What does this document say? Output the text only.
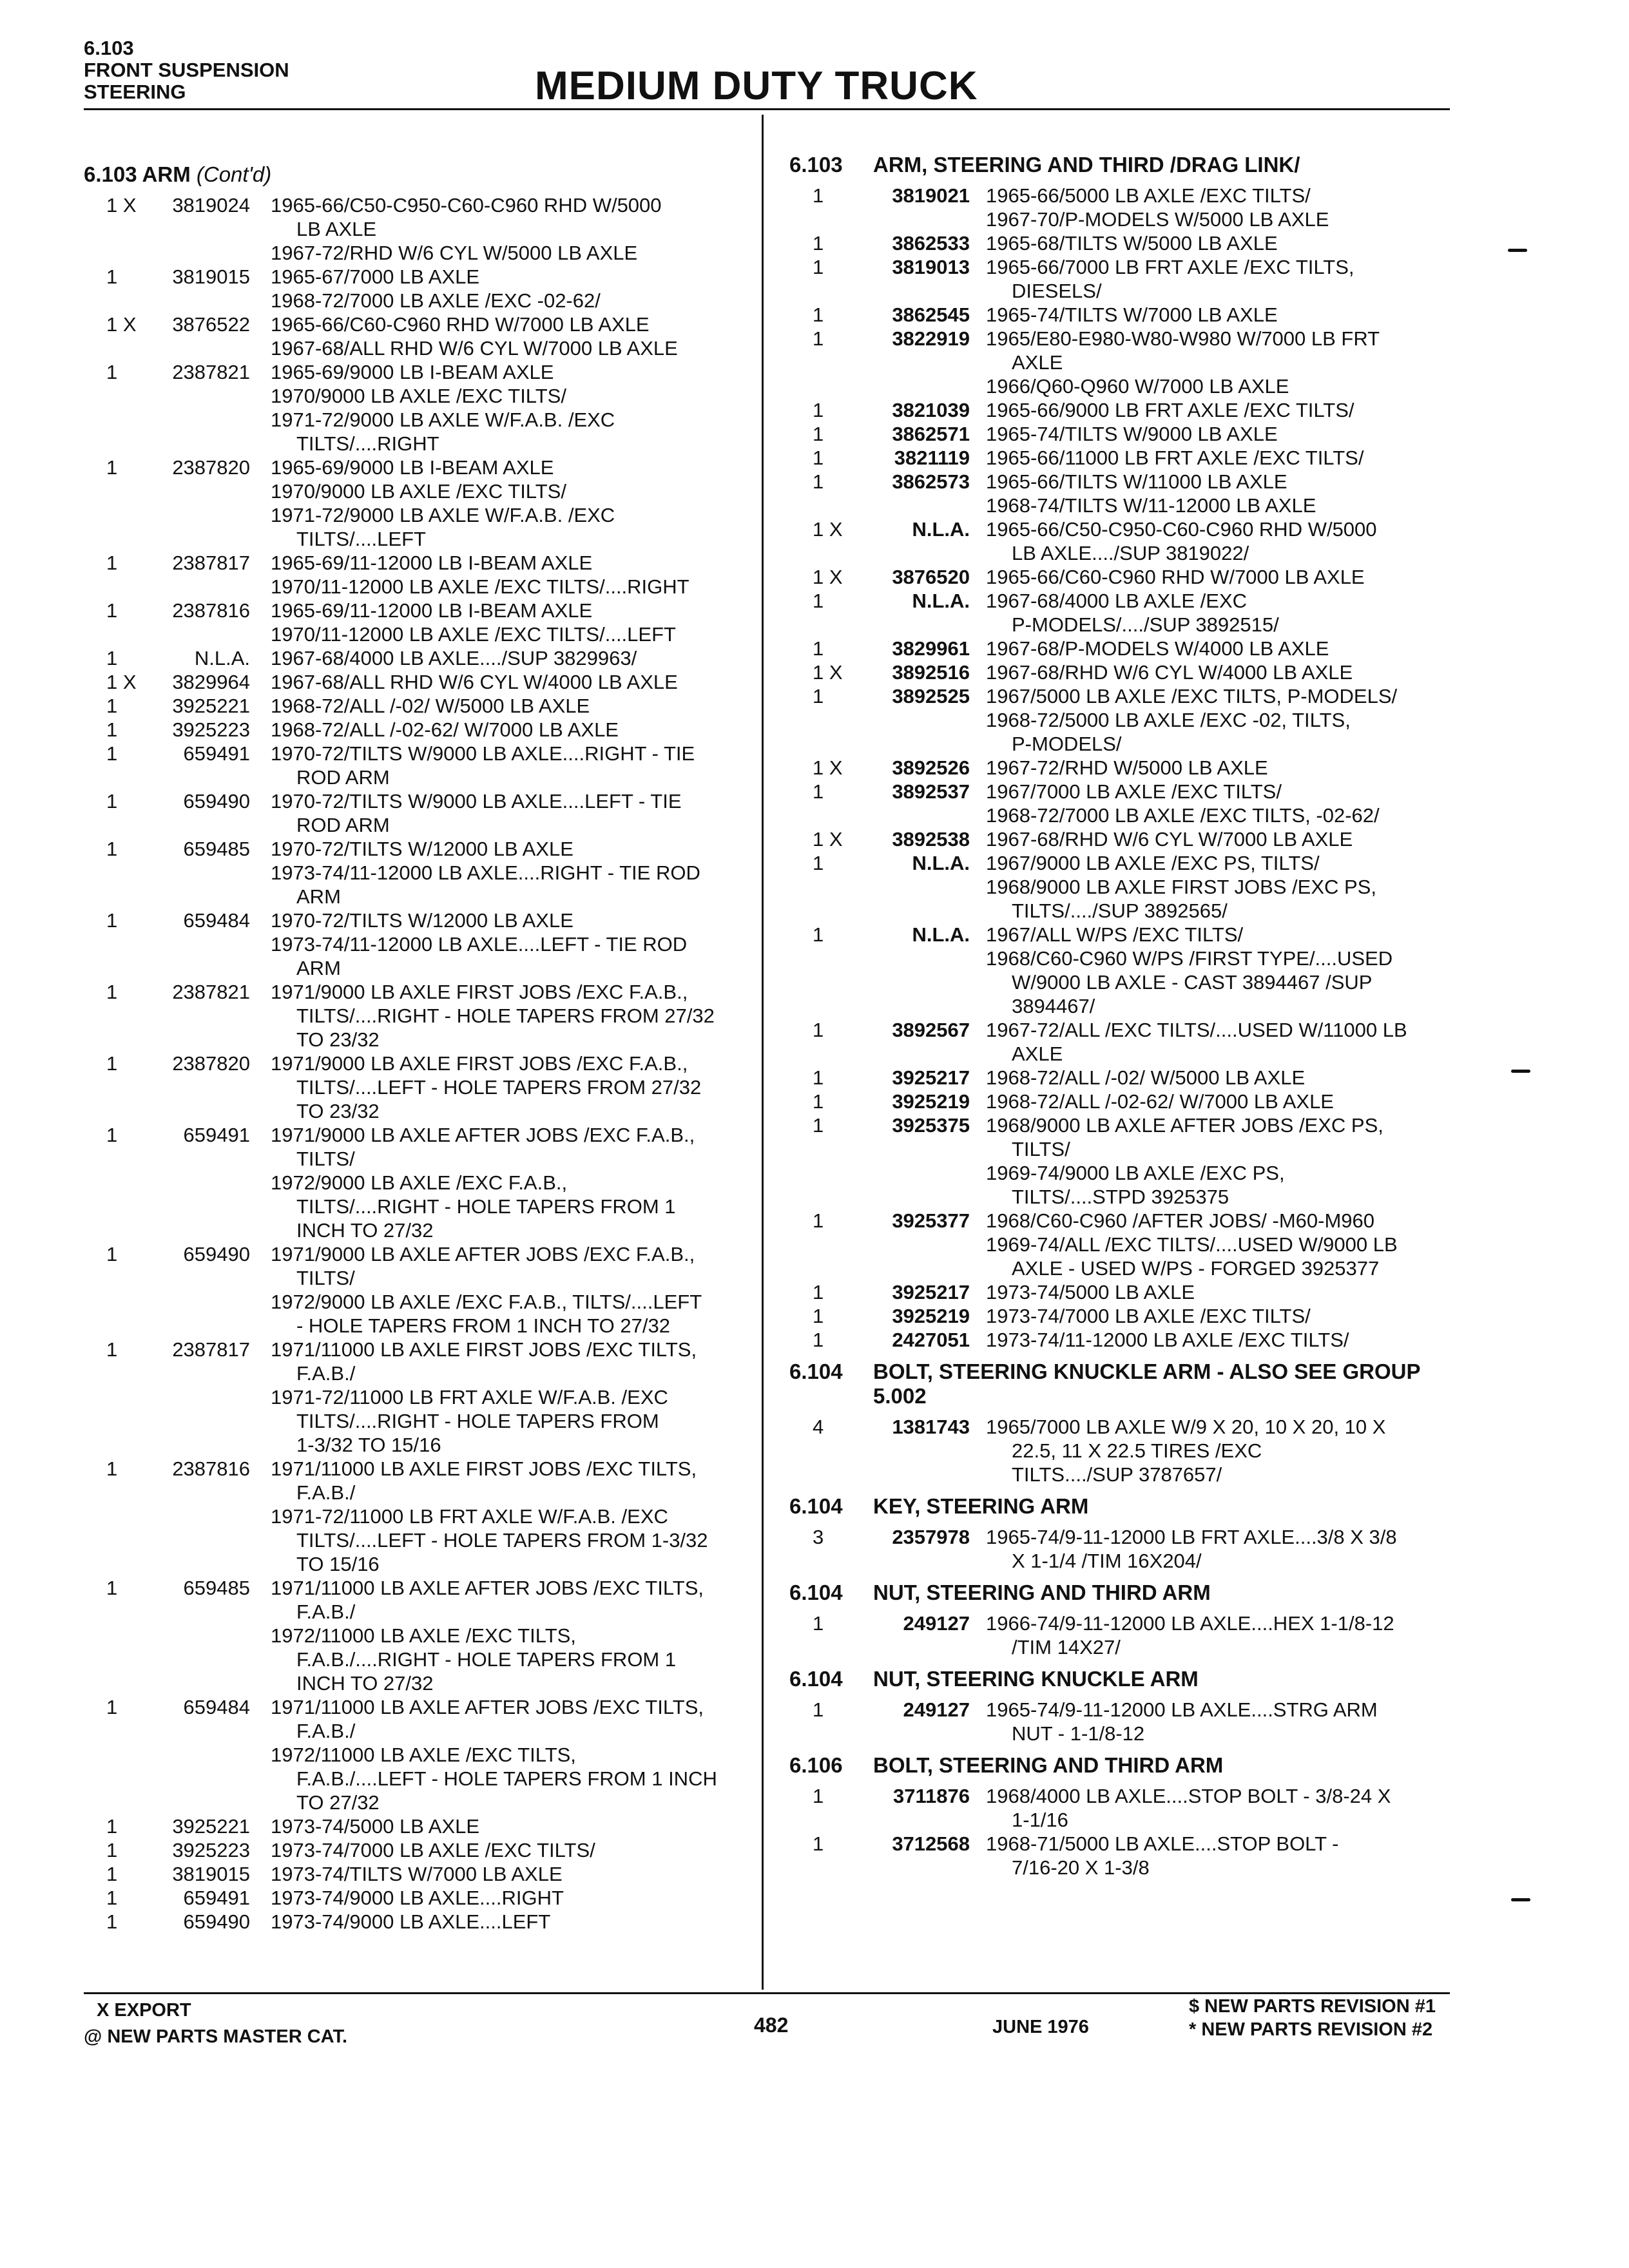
6.103
FRONT SUSPENSION
STEERING	MEDIUM DUTY TRUCK
6.103 ARM (Cont'd)
1 X	3819024 1965-66/C50-C950-C60-C960 RHD W/5000
LB AXLE
1967-72/RHD W/6 CYL W/5000 LB AXLE
1	3819015 1965-67/7000 LB AXLE
1968-72/7000 LB AXLE /EXC -02-62/
1 X	3876522 1965-66/C60-C960 RHD W/7000 LB AXLE
1967-68/ALL RHD W/6 CYL W/7000 LB AXLE
1	2387821 1965-69/9000 LB I-BEAM AXLE
1970/9000 LB AXLE /EXC TILTS/
1971-72/9000 LB AXLE W/F.A.B. /EXC
TILTS/....RIGHT
1	2387820 1965-69/9000 LB I-BEAM AXLE
1970/9000 LB AXLE /EXC TILTS/
1971-72/9000 LB AXLE W/F.A.B. /EXC
TILTS/....LEFT
1	2387817 1965-69/11-12000 LB I-BEAM AXLE
1970/11-12000 LB AXLE /EXC TILTS/....RIGHT
1	2387816 1965-69/11-12000 LB I-BEAM AXLE
1970/11-12000 LB AXLE /EXC TILTS/....LEFT
1	N.L.A. 1967-68/4000 LB AXLE..../SUP 3829963/
1 X	3829964 1967-68/ALL RHD W/6 CYL W/4000 LB AXLE
1	3925221 1968-72/ALL /-02/ W/5000 LB AXLE
1	3925223 1968-72/ALL /-02-62/ W/7000 LB AXLE
1	659491 1970-72/TILTS W/9000 LB AXLE....RIGHT - TIE
ROD ARM
1	659490 1970-72/TILTS W/9000 LB AXLE....LEFT - TIE
ROD ARM
1	659485 1970-72/TILTS W/12000 LB AXLE
1973-74/11-12000 LB AXLE....RIGHT - TIE ROD
ARM
1	659484 1970-72/TILTS W/12000 LB AXLE
1973-74/11-12000 LB AXLE....LEFT - TIE ROD
ARM
1	2387821 1971/9000 LB AXLE FIRST JOBS /EXC F.A.B.,
TILTS/....RIGHT - HOLE TAPERS FROM 27/32
TO 23/32
1	2387820 1971/9000 LB AXLE FIRST JOBS /EXC F.A.B.,
TILTS/....LEFT - HOLE TAPERS FROM 27/32
TO 23/32
1	659491 1971/9000 LB AXLE AFTER JOBS /EXC F.A.B.,
TILTS/
1972/9000 LB AXLE /EXC F.A.B.,
TILTS/....RIGHT - HOLE TAPERS FROM 1
INCH TO 27/32
1	659490 1971/9000 LB AXLE AFTER JOBS /EXC F.A.B.,
TILTS/
1972/9000 LB AXLE /EXC F.A.B., TILTS/....LEFT
- HOLE TAPERS FROM 1 INCH TO 27/32
1	2387817 1971/11000 LB AXLE FIRST JOBS /EXC TILTS,
F.A.B./
1971-72/11000 LB FRT AXLE W/F.A.B. /EXC
TILTS/....RIGHT - HOLE TAPERS FROM
1-3/32 TO 15/16
1	2387816 1971/11000 LB AXLE FIRST JOBS /EXC TILTS,
F.A.B./
1971-72/11000 LB FRT AXLE W/F.A.B. /EXC
TILTS/....LEFT - HOLE TAPERS FROM 1-3/32
TO 15/16
1	659485 1971/11000 LB AXLE AFTER JOBS /EXC TILTS,
F.A.B./
1972/11000 LB AXLE /EXC TILTS,
F.A.B./....RIGHT - HOLE TAPERS FROM 1
INCH TO 27/32
1	659484 1971/11000 LB AXLE AFTER JOBS /EXC TILTS,
F.A.B./
1972/11000 LB AXLE /EXC TILTS,
F.A.B./....LEFT - HOLE TAPERS FROM 1 INCH
TO 27/32
1	3925221 1973-74/5000 LB AXLE
1	3925223 1973-74/7000 LB AXLE /EXC TILTS/
1	3819015 1973-74/TILTS W/7000 LB AXLE
1	659491 1973-74/9000 LB AXLE....RIGHT
1	659490 1973-74/9000 LB AXLE....LEFT
6.103 ARM, STEERING AND THIRD /DRAG LINK/
1	3819021 1965-66/5000 LB AXLE /EXC TILTS/
1967-70/P-MODELS W/5000 LB AXLE
1	3862533 1965-68/TILTS W/5000 LB AXLE
1	3819013 1965-66/7000 LB FRT AXLE /EXC TILTS,
DIESELS/
1	3862545 1965-74/TILTS W/7000 LB AXLE
1	3822919 1965/E80-E980-W80-W980 W/7000 LB FRT
AXLE
1966/Q60-Q960 W/7000 LB AXLE
1	3821039 1965-66/9000 LB FRT AXLE /EXC TILTS/
1	3862571 1965-74/TILTS W/9000 LB AXLE
1	3821119 1965-66/11000 LB FRT AXLE /EXC TILTS/
1	3862573 1965-66/TILTS W/11000 LB AXLE
1968-74/TILTS W/11-12000 LB AXLE
1 X	N.L.A. 1965-66/C50-C950-C60-C960 RHD W/5000
LB AXLE..../SUP 3819022/
1 X	3876520 1965-66/C60-C960 RHD W/7000 LB AXLE
1	N.L.A. 1967-68/4000 LB AXLE /EXC
P-MODELS/..../SUP 3892515/
1	3829961 1967-68/P-MODELS W/4000 LB AXLE
1 X	3892516 1967-68/RHD W/6 CYL W/4000 LB AXLE
1	3892525 1967/5000 LB AXLE /EXC TILTS, P-MODELS/
1968-72/5000 LB AXLE /EXC -02, TILTS,
P-MODELS/
1 X	3892526 1967-72/RHD W/5000 LB AXLE
1	3892537 1967/7000 LB AXLE /EXC TILTS/
1968-72/7000 LB AXLE /EXC TILTS, -02-62/
1 X	3892538 1967-68/RHD W/6 CYL W/7000 LB AXLE
1	N.L.A. 1967/9000 LB AXLE /EXC PS, TILTS/
1968/9000 LB AXLE FIRST JOBS /EXC PS,
TILTS/..../SUP 3892565/
1	N.L.A. 1967/ALL W/PS /EXC TILTS/
1968/C60-C960 W/PS /FIRST TYPE/....USED
W/9000 LB AXLE - CAST 3894467 /SUP
3894467/
1	3892567 1967-72/ALL /EXC TILTS/....USED W/11000 LB
AXLE
1	3925217 1968-72/ALL /-02/ W/5000 LB AXLE
1	3925219 1968-72/ALL /-02-62/ W/7000 LB AXLE
1	3925375 1968/9000 LB AXLE AFTER JOBS /EXC PS,
TILTS/
1969-74/9000 LB AXLE /EXC PS,
TILTS/....STPD 3925375
1	3925377 1968/C60-C960 /AFTER JOBS/ -M60-M960
1969-74/ALL /EXC TILTS/....USED W/9000 LB
AXLE - USED W/PS - FORGED 3925377
1	3925217 1973-74/5000 LB AXLE
1	3925219 1973-74/7000 LB AXLE /EXC TILTS/
1	2427051 1973-74/11-12000 LB AXLE /EXC TILTS/
6.104 BOLT, STEERING KNUCKLE ARM - ALSO SEE GROUP 5.002
4	1381743 1965/7000 LB AXLE W/9 X 20, 10 X 20, 10 X
22.5, 11 X 22.5 TIRES /EXC
TILTS..../SUP 3787657/
6.104 KEY, STEERING ARM
3	2357978 1965-74/9-11-12000 LB FRT AXLE....3/8 X 3/8
X 1-1/4 /TIM 16X204/
6.104 NUT, STEERING AND THIRD ARM
1	249127 1966-74/9-11-12000 LB AXLE....HEX 1-1/8-12
/TIM 14X27/
6.104 NUT, STEERING KNUCKLE ARM
1	249127 1965-74/9-11-12000 LB AXLE....STRG ARM
NUT - 1-1/8-12
6.106 BOLT, STEERING AND THIRD ARM
1	3711876 1968/4000 LB AXLE....STOP BOLT - 3/8-24 X
1-1/16
1	3712568 1968-71/5000 LB AXLE....STOP BOLT -
7/16-20 X 1-3/8
X EXPORT
@ NEW PARTS MASTER CAT.	482	JUNE 1976
$ NEW PARTS REVISION #1
* NEW PARTS REVISION #2
